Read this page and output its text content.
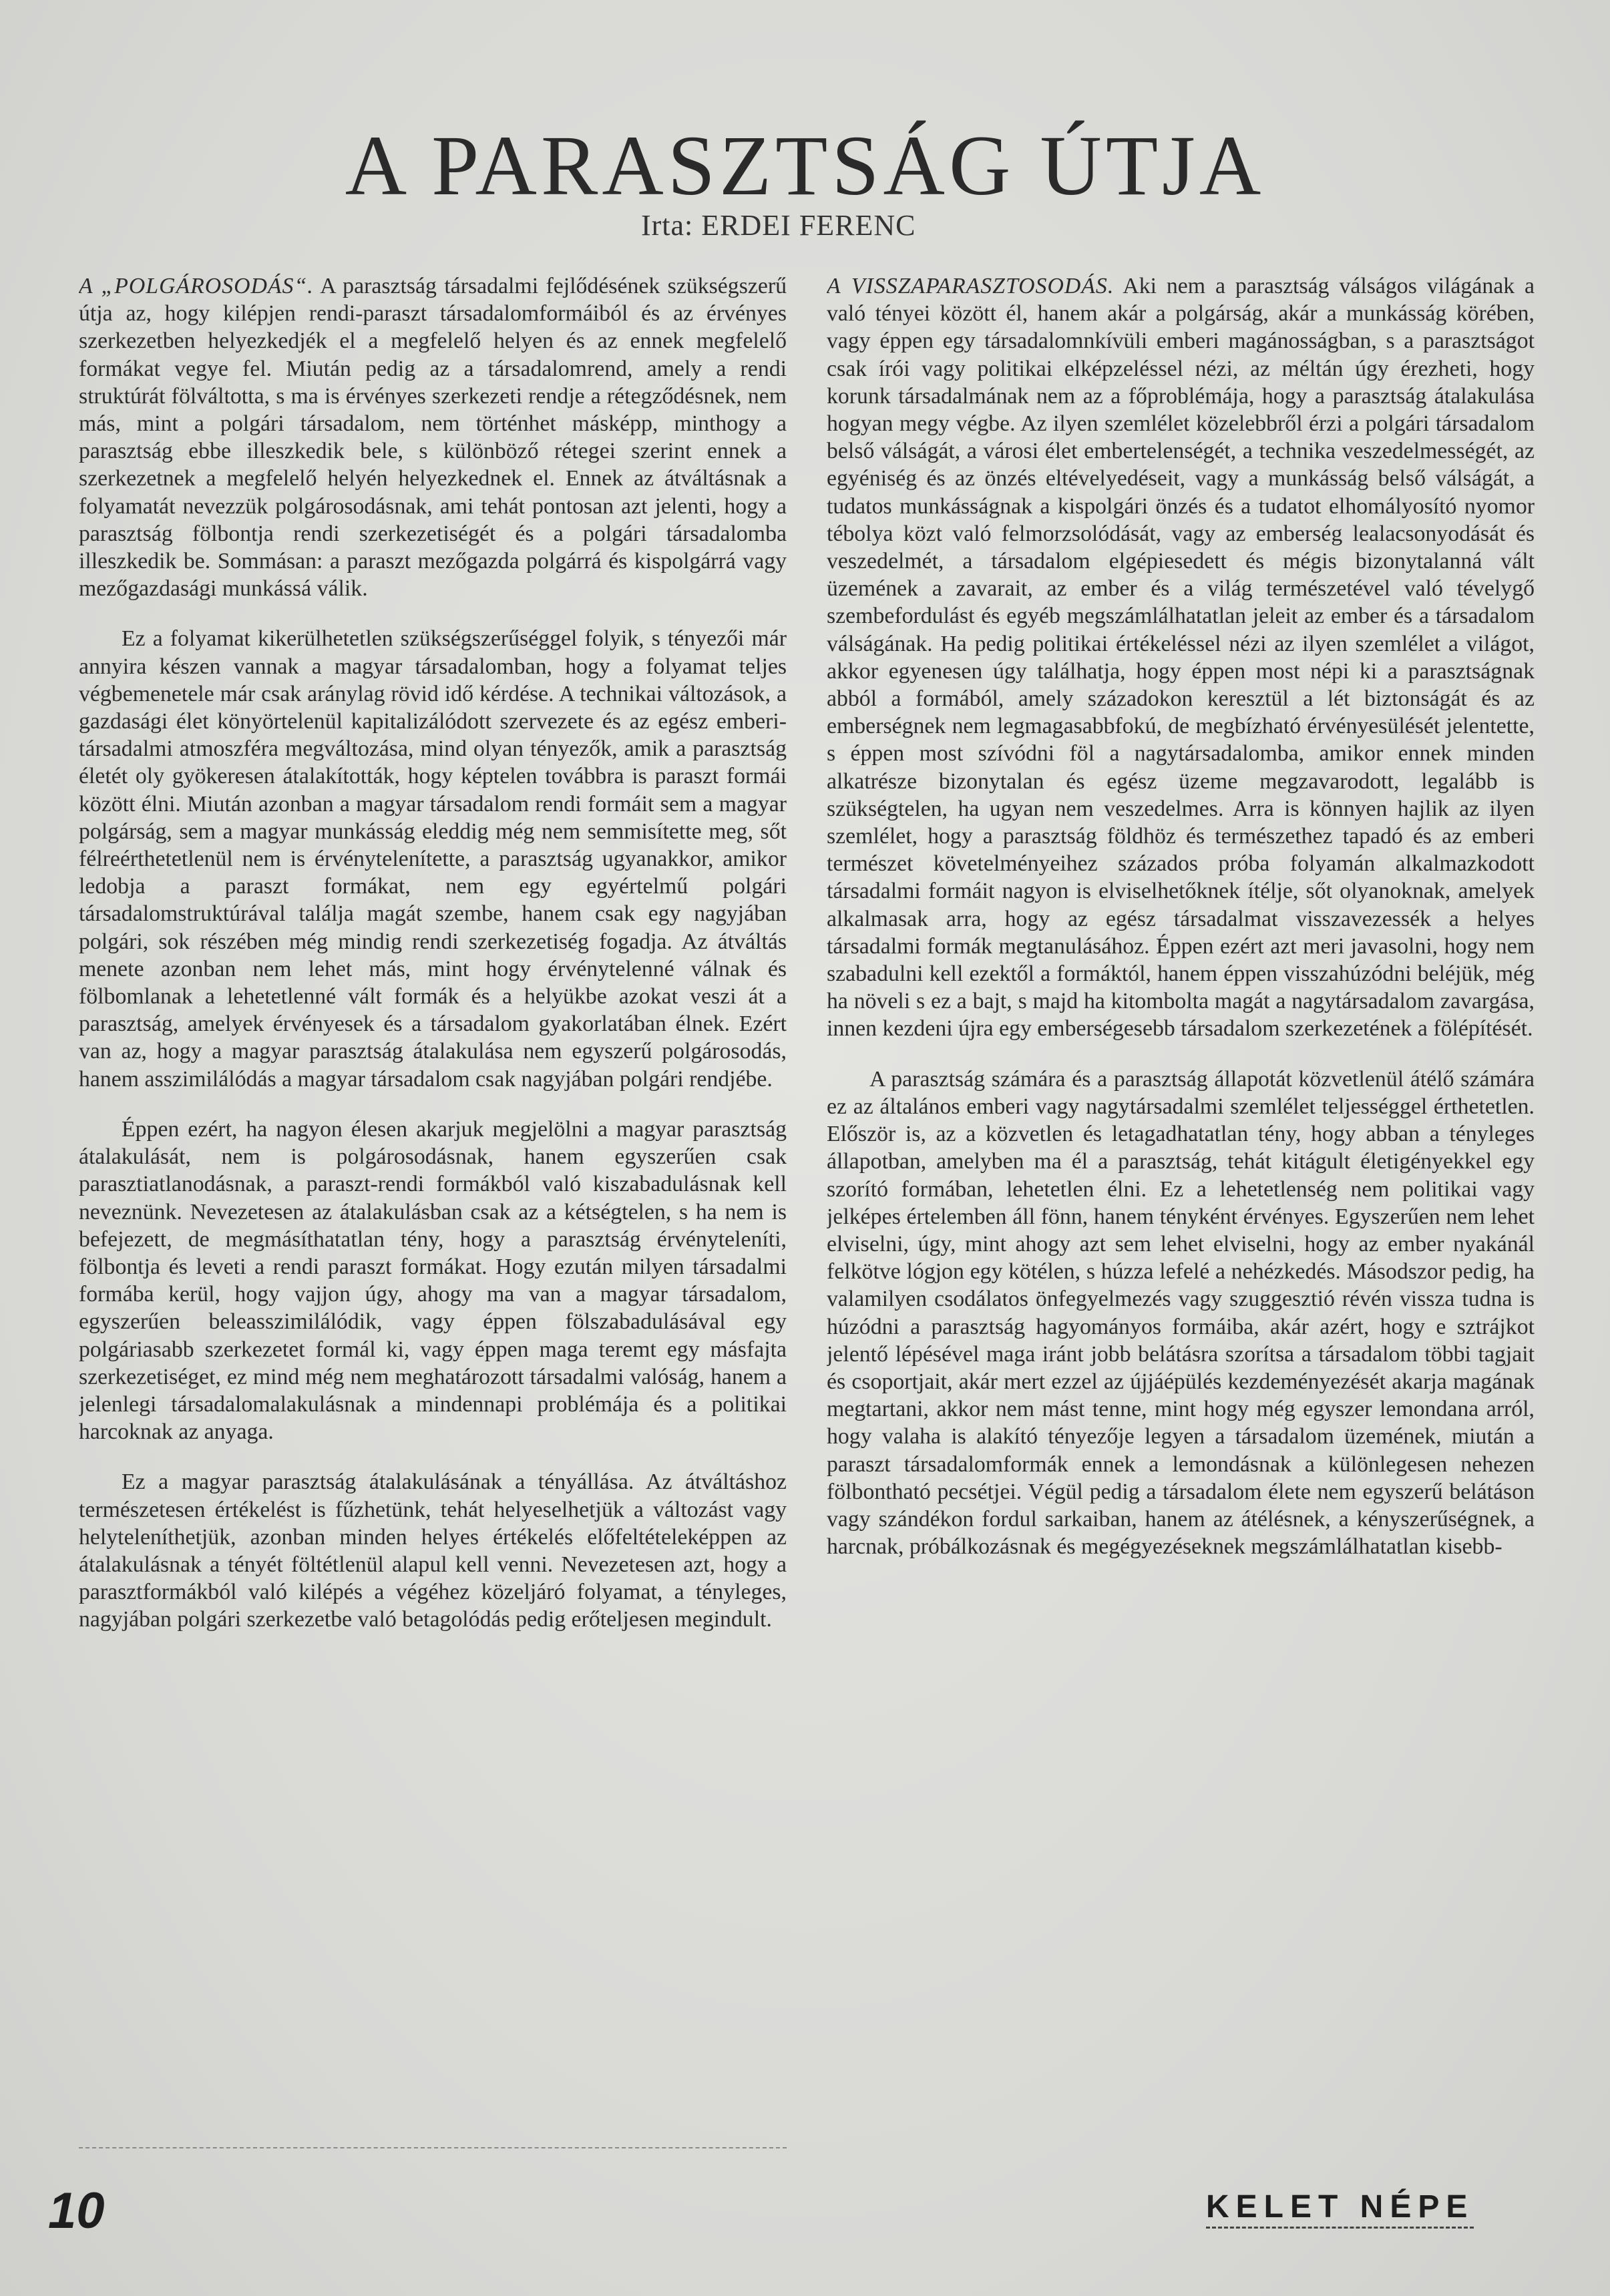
A PARASZTSÁG ÚTJA
Irta: ERDEI FERENC

A „POLGÁROSODÁS“. A parasztság társadalmi fejlődésének szükségszerű útja az, hogy kilépjen rendi-paraszt társadalomformáiból és az érvényes szerkezetben helyezkedjék el a megfelelő helyen és az ennek megfelelő formákat vegye fel. Miután pedig az a társadalomrend, amely a rendi struktúrát fölváltotta, s ma is érvényes szerkezeti rendje a rétegződésnek, nem más, mint a polgári társadalom, nem történhet másképp, minthogy a parasztság ebbe illeszkedik bele, s különböző rétegei szerint ennek a szerkezetnek a megfelelő helyén helyezkednek el. Ennek az átváltásnak a folyamatát nevezzük polgárosodásnak, ami tehát pontosan azt jelenti, hogy a parasztság fölbontja rendi szerkezetiségét és a polgári társadalomba illeszkedik be. Sommásan: a paraszt mezőgazda polgárrá és kispolgárrá vagy mezőgazdasági munkássá válik.

Ez a folyamat kikerülhetetlen szükségszerűséggel folyik, s tényezői már annyira készen vannak a magyar társadalomban, hogy a folyamat teljes végbemenetele már csak aránylag rövid idő kérdése. A technikai változások, a gazdasági élet könyörtelenül kapitalizálódott szervezete és az egész emberi-társadalmi atmoszféra megváltozása, mind olyan tényezők, amik a parasztság életét oly gyökeresen átalakították, hogy képtelen továbbra is paraszt formái között élni. Miután azonban a magyar társadalom rendi formáit sem a magyar polgárság, sem a magyar munkásság eleddig még nem semmisítette meg, sőt félreérthetetlenül nem is érvénytelenítette, a parasztság ugyanakkor, amikor ledobja a paraszt formákat, nem egy egyértelmű polgári társadalomstruktúrával találja magát szembe, hanem csak egy nagyjában polgári, sok részében még mindig rendi szerkezetiség fogadja. Az átváltás menete azonban nem lehet más, mint hogy érvénytelenné válnak és fölbomlanak a lehetetlenné vált formák és a helyükbe azokat veszi át a parasztság, amelyek érvényesek és a társadalom gyakorlatában élnek. Ezért van az, hogy a magyar parasztság átalakulása nem egyszerű polgárosodás, hanem asszimilálódás a magyar társadalom csak nagyjában polgári rendjébe.

Éppen ezért, ha nagyon élesen akarjuk megjelölni a magyar parasztság átalakulását, nem is polgárosodásnak, hanem egyszerűen csak parasztiatlanodásnak, a paraszt-rendi formákból való kiszabadulásnak kell neveznünk. Nevezetesen az átalakulásban csak az a kétségtelen, s ha nem is befejezett, de megmásíthatatlan tény, hogy a parasztság érvényteleníti, fölbontja és leveti a rendi paraszt formákat. Hogy ezután milyen társadalmi formába kerül, hogy vajjon úgy, ahogy ma van a magyar társadalom, egyszerűen beleasszimilálódik, vagy éppen fölszabadulásával egy polgáriasabb szerkezetet formál ki, vagy éppen maga teremt egy másfajta szerkezetiséget, ez mind még nem meghatározott társadalmi valóság, hanem a jelenlegi társadalomalakulásnak a mindennapi problémája és a politikai harcoknak az anyaga.

Ez a magyar parasztság átalakulásának a tényállása. Az átváltáshoz természetesen értékelést is fűzhetünk, tehát helyeselhetjük a változást vagy helyteleníthetjük, azonban minden helyes értékelés előfeltételeképpen az átalakulásnak a tényét föltétlenül alapul kell venni. Nevezetesen azt, hogy a parasztformákból való kilépés a végéhez közeljáró folyamat, a tényleges, nagyjában polgári szerkezetbe való betagolódás pedig erőteljesen megindult.

A VISSZAPARASZTOSODÁS. Aki nem a parasztság válságos világának a való tényei között él, hanem akár a polgárság, akár a munkásság körében, vagy éppen egy társadalomnkívüli emberi magánosságban, s a parasztságot csak írói vagy politikai elképzeléssel nézi, az méltán úgy érezheti, hogy korunk társadalmának nem az a főproblémája, hogy a parasztság átalakulása hogyan megy végbe. Az ilyen szemlélet közelebbről érzi a polgári társadalom belső válságát, a városi élet embertelenségét, a technika veszedelmességét, az egyéniség és az önzés eltévelyedéseit, vagy a munkásság belső válságát, a tudatos munkásságnak a kispolgári önzés és a tudatot elhomályosító nyomor tébolya közt való felmorzsolódását, vagy az emberség lealacsonyodását és veszedelmét, a társadalom elgépiesedett és mégis bizonytalanná vált üzemének a zavarait, az ember és a világ természetével való tévelygő szembefordulást és egyéb megszámlálhatatlan jeleit az ember és a társadalom válságának. Ha pedig politikai értékeléssel nézi az ilyen szemlélet a világot, akkor egyenesen úgy találhatja, hogy éppen most népi ki a parasztságnak abból a formából, amely századokon keresztül a lét biztonságát és az emberségnek nem legmagasabbfokú, de megbízható érvényesülését jelentette, s éppen most szívódni föl a nagytársadalomba, amikor ennek minden alkatrésze bizonytalan és egész üzeme megzavarodott, legalább is szükségtelen, ha ugyan nem veszedelmes. Arra is könnyen hajlik az ilyen szemlélet, hogy a parasztság földhöz és természethez tapadó és az emberi természet követelményeihez százados próba folyamán alkalmazkodott társadalmi formáit nagyon is elviselhetőknek ítélje, sőt olyanoknak, amelyek alkalmasak arra, hogy az egész társadalmat visszavezessék a helyes társadalmi formák megtanulásához. Éppen ezért azt meri javasolni, hogy nem szabadulni kell ezektől a formáktól, hanem éppen visszahúzódni beléjük, még ha növeli s ez a bajt, s majd ha kitombolta magát a nagytársadalom zavargása, innen kezdeni újra egy emberségesebb társadalom szerkezetének a fölépítését.

A parasztság számára és a parasztság állapotát közvetlenül átélő számára ez az általános emberi vagy nagytársadalmi szemlélet teljességgel érthetetlen. Először is, az a közvetlen és letagadhatatlan tény, hogy abban a tényleges állapotban, amelyben ma él a parasztság, tehát kitágult életigényekkel egy szorító formában, lehetetlen élni. Ez a lehetetlenség nem politikai vagy jelképes értelemben áll fönn, hanem tényként érvényes. Egyszerűen nem lehet elviselni, úgy, mint ahogy azt sem lehet elviselni, hogy az ember nyakánál felkötve lógjon egy kötélen, s húzza lefelé a nehézkedés. Másodszor pedig, ha valamilyen csodálatos önfegyelmezés vagy szuggesztió révén vissza tudna is húzódni a parasztság hagyományos formáiba, akár azért, hogy e sztrájkot jelentő lépésével maga iránt jobb belátásra szorítsa a társadalom többi tagjait és csoportjait, akár mert ezzel az újjáépülés kezdeményezését akarja magának megtartani, akkor nem mást tenne, mint hogy még egyszer lemondana arról, hogy valaha is alakító tényezője legyen a társadalom üzemének, miután a paraszt társadalomformák ennek a lemondásnak a különlegesen nehezen fölbontható pecsétjei. Végül pedig a társadalom élete nem egyszerű belátáson vagy szándékon fordul sarkaiban, hanem az átélésnek, a kényszerűségnek, a harcnak, próbálkozásnak és megégyezéseknek megszámlálhatatlan kisebb-

10	KELET NÉPE
